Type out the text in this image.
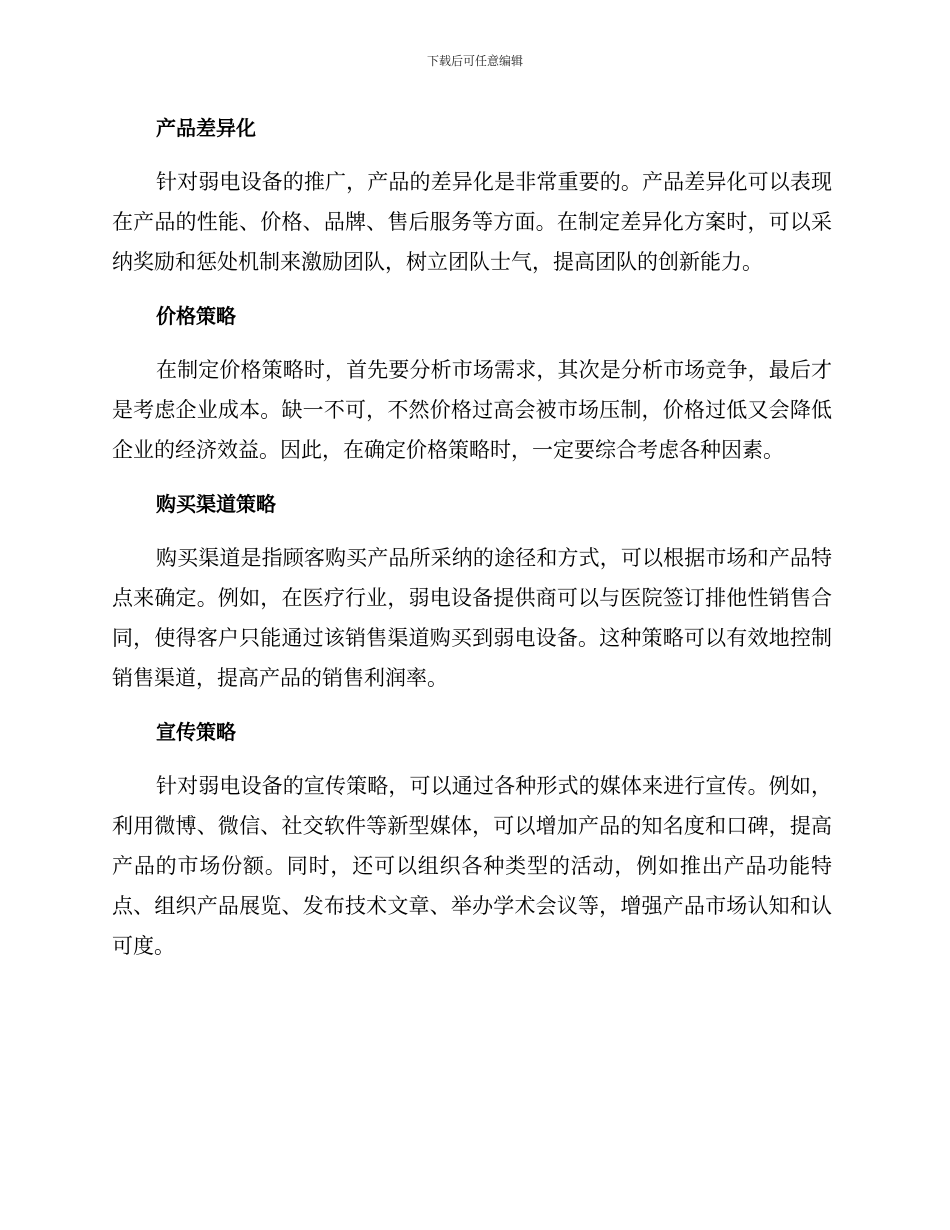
下载后可任意编辑
产品差异化

针对弱电设备的推广，产品的差异化是非常重要的。产品差异化可以表现在产品的性能、价格、品牌、售后服务等方面。在制定差异化方案时，可以采纳奖励和惩处机制来激励团队，树立团队士气，提高团队的创新能力。

价格策略

在制定价格策略时，首先要分析市场需求，其次是分析市场竞争，最后才是考虑企业成本。缺一不可，不然价格过高会被市场压制，价格过低又会降低企业的经济效益。因此，在确定价格策略时，一定要综合考虑各种因素。

购买渠道策略

购买渠道是指顾客购买产品所采纳的途径和方式，可以根据市场和产品特点来确定。例如，在医疗行业，弱电设备提供商可以与医院签订排他性销售合同，使得客户只能通过该销售渠道购买到弱电设备。这种策略可以有效地控制销售渠道，提高产品的销售利润率。

宣传策略

针对弱电设备的宣传策略，可以通过各种形式的媒体来进行宣传。例如，利用微博、微信、社交软件等新型媒体，可以增加产品的知名度和口碑，提高产品的市场份额。同时，还可以组织各种类型的活动，例如推出产品功能特点、组织产品展览、发布技术文章、举办学术会议等，增强产品市场认知和认可度。
